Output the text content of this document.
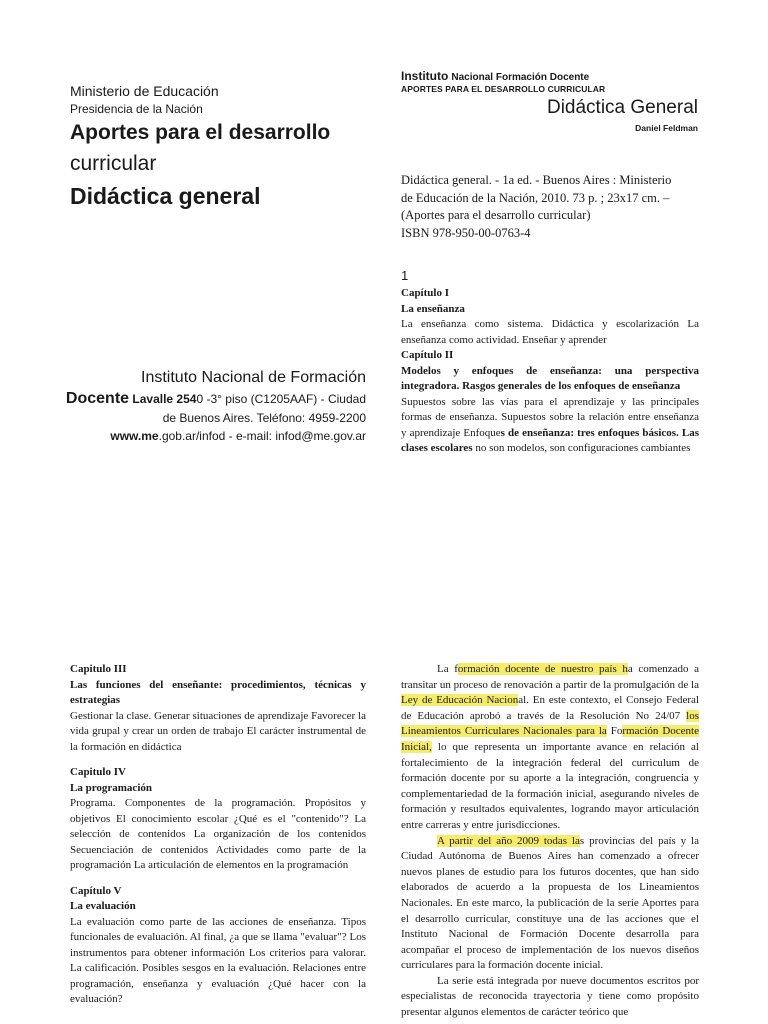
Ministerio de Educación
Presidencia de la Nación
Aportes para el desarrollo
curricular
Didáctica general
Instituto Nacional de Formación
Docente Lavalle 2540 -3° piso (C1205AAF) - Ciudad
de Buenos Aires. Teléfono: 4959-2200
www.me.gob.ar/infod - e-mail: infod@me.gov.ar
Instituto Nacional Formación Docente
APORTES PARA EL DESARROLLO CURRICULAR
Didáctica General
Daniel Feldman
Didáctica general. - 1a ed. - Buenos Aires : Ministerio
de Educación de la Nación, 2010. 73 p. ; 23x17 cm. –
(Aportes para el desarrollo curricular)
ISBN 978-950-00-0763-4
1
Capítulo I
La enseñanza

La enseñanza como sistema. Didáctica y escolarización La enseñanza como actividad. Enseñar y aprender

Capítulo II
Modelos y enfoques de enseñanza: una perspectiva integradora. Rasgos generales de los enfoques de enseñanza

Supuestos sobre las vías para el aprendizaje y las principales formas de enseñanza. Supuestos sobre la relación entre enseñanza y aprendizaje Enfoques de enseñanza: tres enfoques básicos. Las clases escolares no son modelos, son configuraciones cambiantes

Capitulo III
Las funciones del enseñante: procedimientos, técnicas y estrategias

Gestionar la clase. Generar situaciones de aprendizaje Favorecer la vida grupal y crear un orden de trabajo El carácter instrumental de la formación en didáctica

Capitulo IV
La programación

Programa. Componentes de la programación. Propósitos y objetivos El conocimiento escolar ¿Qué es el "contenido"? La selección de contenidos La organización de los contenidos Secuenciación de contenidos Actividades como parte de la programación La articulación de elementos en la programación

Capítulo V
La evaluación

La evaluación como parte de las acciones de enseñanza. Tipos funcionales de evaluación. Al final, ¿a que se llama "evaluar"? Los instrumentos para obtener información Los criterios para valorar. La calificación. Posibles sesgos en la evaluación. Relaciones entre programación, enseñanza y evaluación ¿Qué hacer con la evaluación?

La formación docente de nuestro país ha comenzado a transitar un proceso de renovación a partir de la promulgación de la Ley de Educación Nacional. En este contexto, el Consejo Federal de Educación aprobó a través de la Resolución No 24/07 los Lineamientos Curriculares Nacionales para la Formación Docente Inicial, lo que representa un importante avance en relación al fortalecimiento de la integración federal del curriculum de formación docente por su aporte a la integración, congruencia y complementariedad de la formación inicial, asegurando niveles de formación y resultados equivalentes, logrando mayor articulación entre carreras y entre jurisdicciones.

A partir del año 2009 todas las provincias del país y la Ciudad Autónoma de Buenos Aires han comenzado a ofrecer nuevos planes de estudio para los futuros docentes, que han sido elaborados de acuerdo a la propuesta de los Lineamientos Nacionales. En este marco, la publicación de la serie Aportes para el desarrollo curricular, constituye una de las acciones que el Instituto Nacional de Formación Docente desarrolla para acompañar el proceso de implementación de los nuevos diseños curriculares para la formación docente inicial.

La serie está integrada por nueve documentos escritos por especialistas de reconocida trayectoria y tiene como propósito presentar algunos elementos de carácter teórico que
